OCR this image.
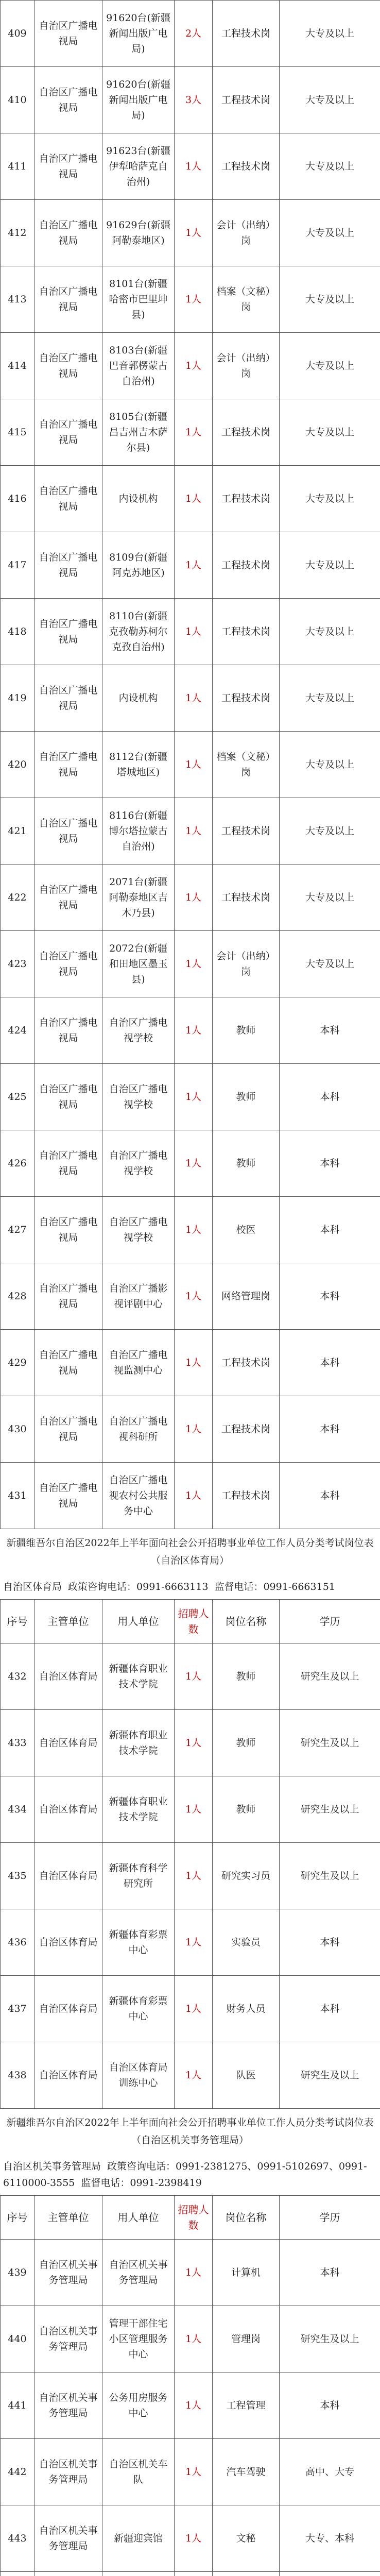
409	自治区广播电视局	91620台(新疆新闻出版广电局)	2人	工程技术岗	大专及以上
410	自治区广播电视局	91620台(新疆新闻出版广电局)	3人	工程技术岗	大专及以上
411	自治区广播电视局	91623台(新疆伊犁哈萨克自治州)	1人	工程技术岗	大专及以上
412	自治区广播电视局	91629台(新疆阿勒泰地区)	1人	会计（出纳）岗	大专及以上
413	自治区广播电视局	8101台(新疆哈密市巴里坤县)	1人	档案（文秘）岗	大专及以上
414	自治区广播电视局	8103台(新疆巴音郭楞蒙古自治州)	1人	会计（出纳）岗	大专及以上
415	自治区广播电视局	8105台(新疆昌吉州吉木萨尔县)	1人	工程技术岗	大专及以上
416	自治区广播电视局	内设机构	1人	工程技术岗	大专及以上
417	自治区广播电视局	8109台(新疆阿克苏地区)	1人	工程技术岗	大专及以上
418	自治区广播电视局	8110台(新疆克孜勒苏柯尔克孜自治州)	1人	工程技术岗	大专及以上
419	自治区广播电视局	内设机构	1人	工程技术岗	大专及以上
420	自治区广播电视局	8112台(新疆塔城地区)	1人	档案（文秘）岗	大专及以上
421	自治区广播电视局	8116台(新疆博尔塔拉蒙古自治州)	1人	工程技术岗	大专及以上
422	自治区广播电视局	2071台(新疆阿勒泰地区吉木乃县)	1人	工程技术岗	大专及以上
423	自治区广播电视局	2072台(新疆和田地区墨玉县)	1人	会计（出纳）岗	大专及以上
424	自治区广播电视局	自治区广播电视学校	1人	教师	本科
425	自治区广播电视局	自治区广播电视学校	1人	教师	本科
426	自治区广播电视局	自治区广播电视学校	1人	教师	本科
427	自治区广播电视局	自治区广播电视学校	1人	校医	本科
428	自治区广播电视局	自治区广播影视评剧中心	1人	网络管理岗	本科
429	自治区广播电视局	自治区广播电视监测中心	1人	工程技术岗	本科
430	自治区广播电视局	自治区广播电视科研所	1人	工程技术岗	本科
431	自治区广播电视局	自治区广播电视农村公共服务中心	1人	工程技术岗	本科
新疆维吾尔自治区2022年上半年面向社会公开招聘事业单位工作人员分类考试岗位表（自治区体育局）
自治区体育局 政策咨询电话：0991-6663113 监督电话：0991-6663151
序号	主管单位	用人单位	招聘人数	岗位名称	学历
432	自治区体育局	新疆体育职业技术学院	1人	教师	研究生及以上
433	自治区体育局	新疆体育职业技术学院	1人	教师	研究生及以上
434	自治区体育局	新疆体育职业技术学院	1人	教师	研究生及以上
435	自治区体育局	新疆体育科学研究所	1人	研究实习员	研究生及以上
436	自治区体育局	新疆体育彩票中心	1人	实验员	本科
437	自治区体育局	新疆体育彩票中心	1人	财务人员	本科
438	自治区体育局	自治区体育局训练中心	1人	队医	研究生及以上
新疆维吾尔自治区2022年上半年面向社会公开招聘事业单位工作人员分类考试岗位表（自治区机关事务管理局）
自治区机关事务管理局 政策咨询电话：0991-2381275、0991-5102697、0991-6110000-3555 监督电话：0991-2398419
序号	主管单位	用人单位	招聘人数	岗位名称	学历
439	自治区机关事务管理局	自治区机关事务管理局	1人	计算机	本科
440	自治区机关事务管理局	管理干部住宅小区管理服务中心	1人	管理岗	研究生及以上
441	自治区机关事务管理局	公务用房服务中心	1人	工程管理	本科
442	自治区机关事务管理局	自治区机关车队	1人	汽车驾驶	高中、大专
443	自治区机关事务管理局	新疆迎宾馆	1人	文秘	大专、本科
